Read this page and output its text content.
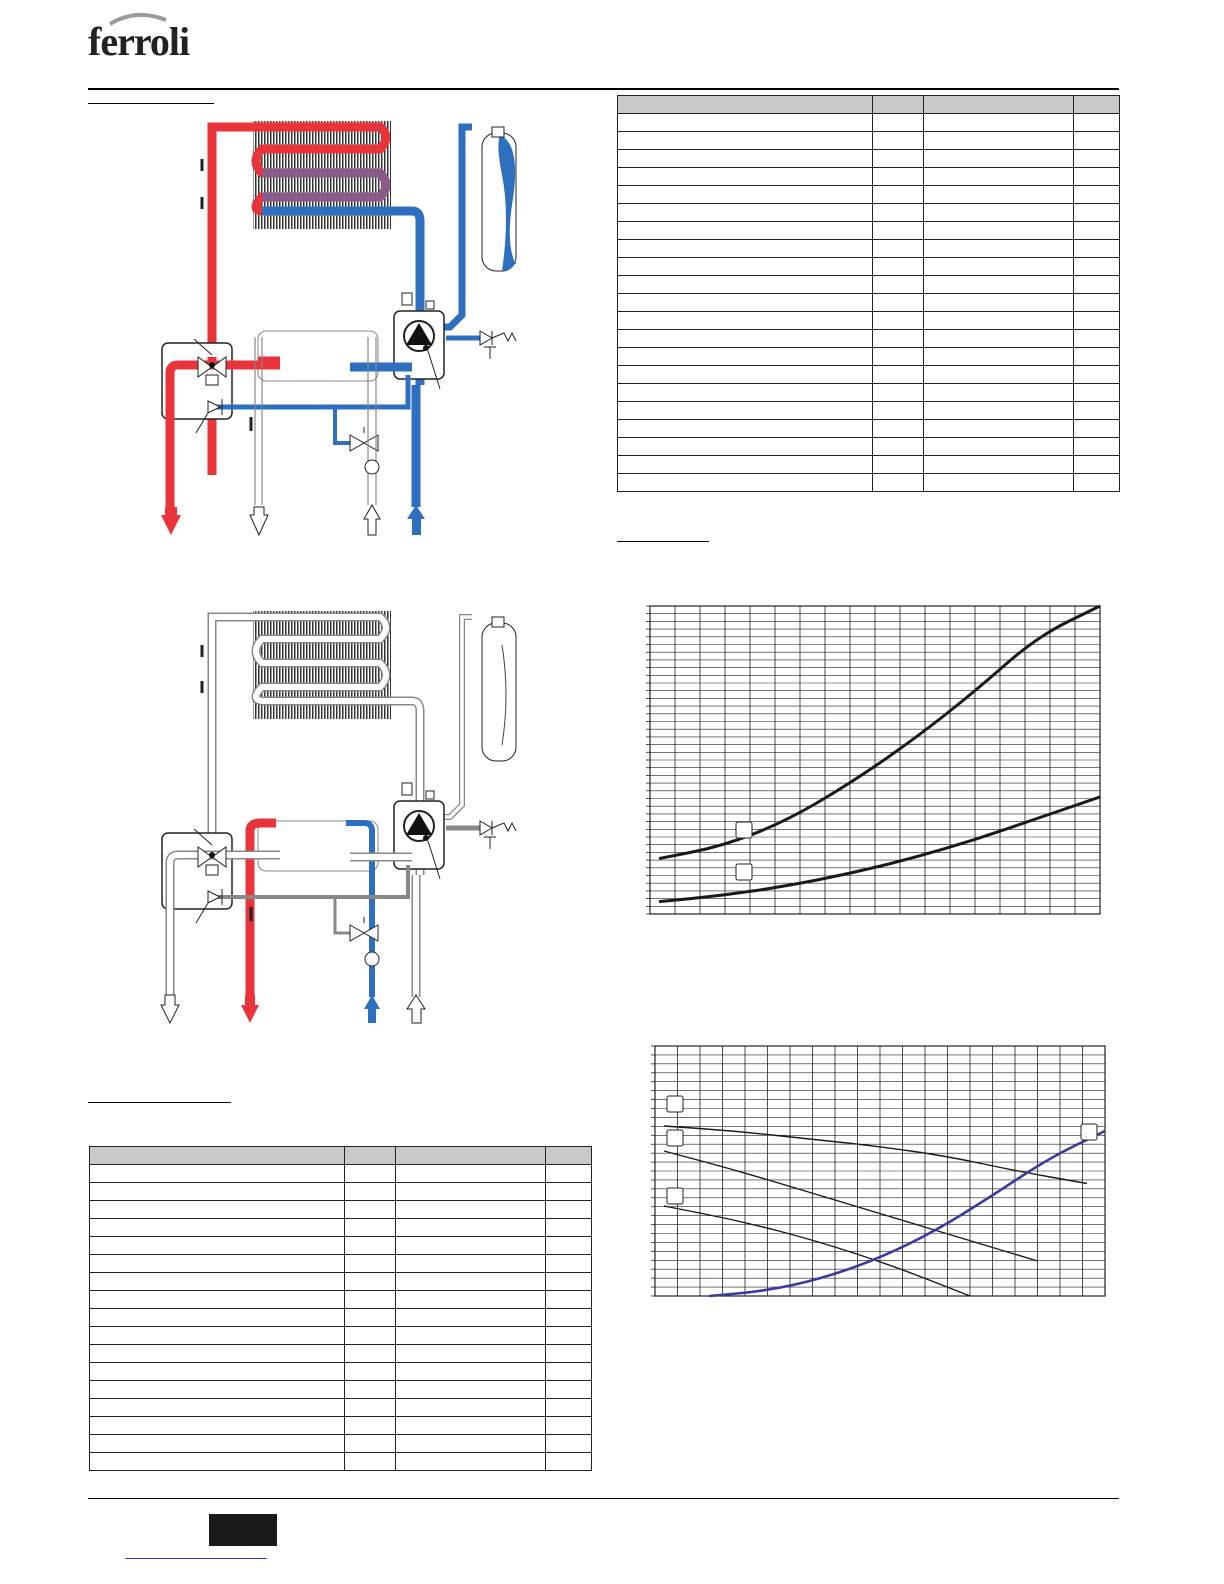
ferroli
